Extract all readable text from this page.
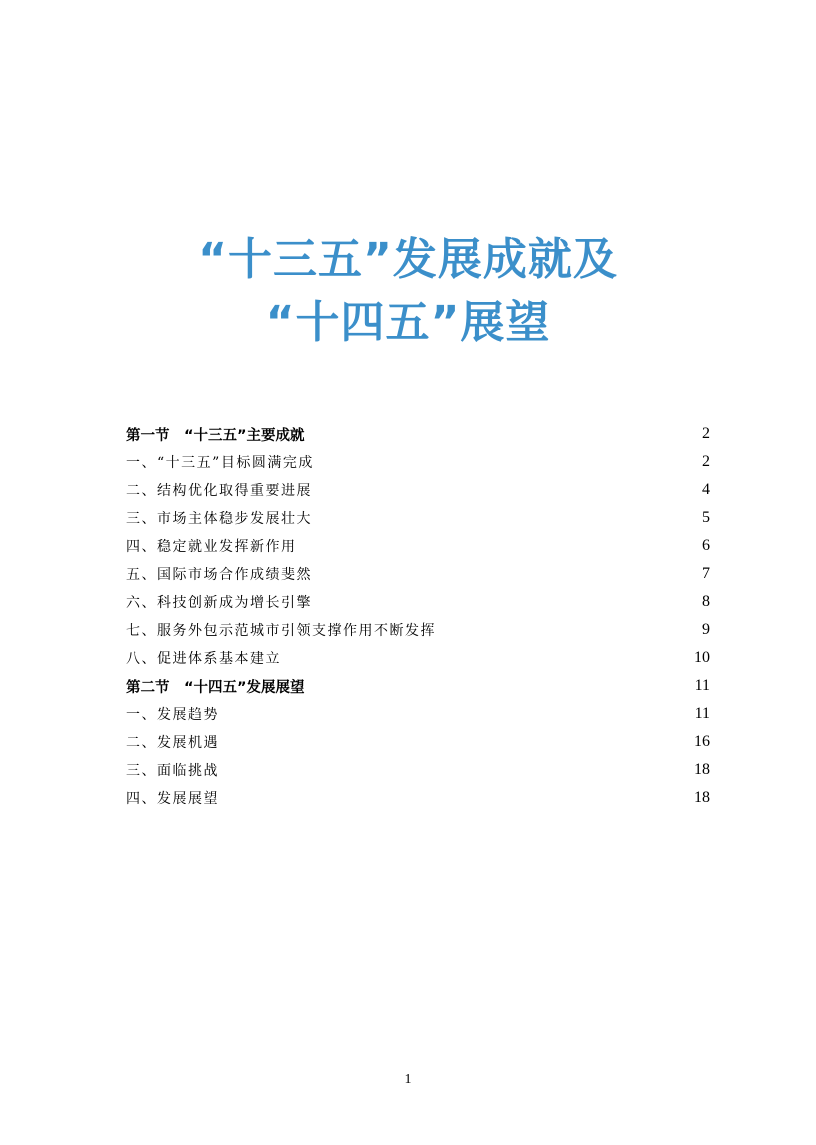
“十三五”发展成就及
“十四五”展望
第一节　“十三五”主要成就	2
一、“十三五”目标圆满完成	2
二、结构优化取得重要进展	4
三、市场主体稳步发展壮大	5
四、稳定就业发挥新作用	6
五、国际市场合作成绩斐然	7
六、科技创新成为增长引擎	8
七、服务外包示范城市引领支撑作用不断发挥	9
八、促进体系基本建立	10
第二节　“十四五”发展展望	11
一、发展趋势	11
二、发展机遇	16
三、面临挑战	18
四、发展展望	18
1
